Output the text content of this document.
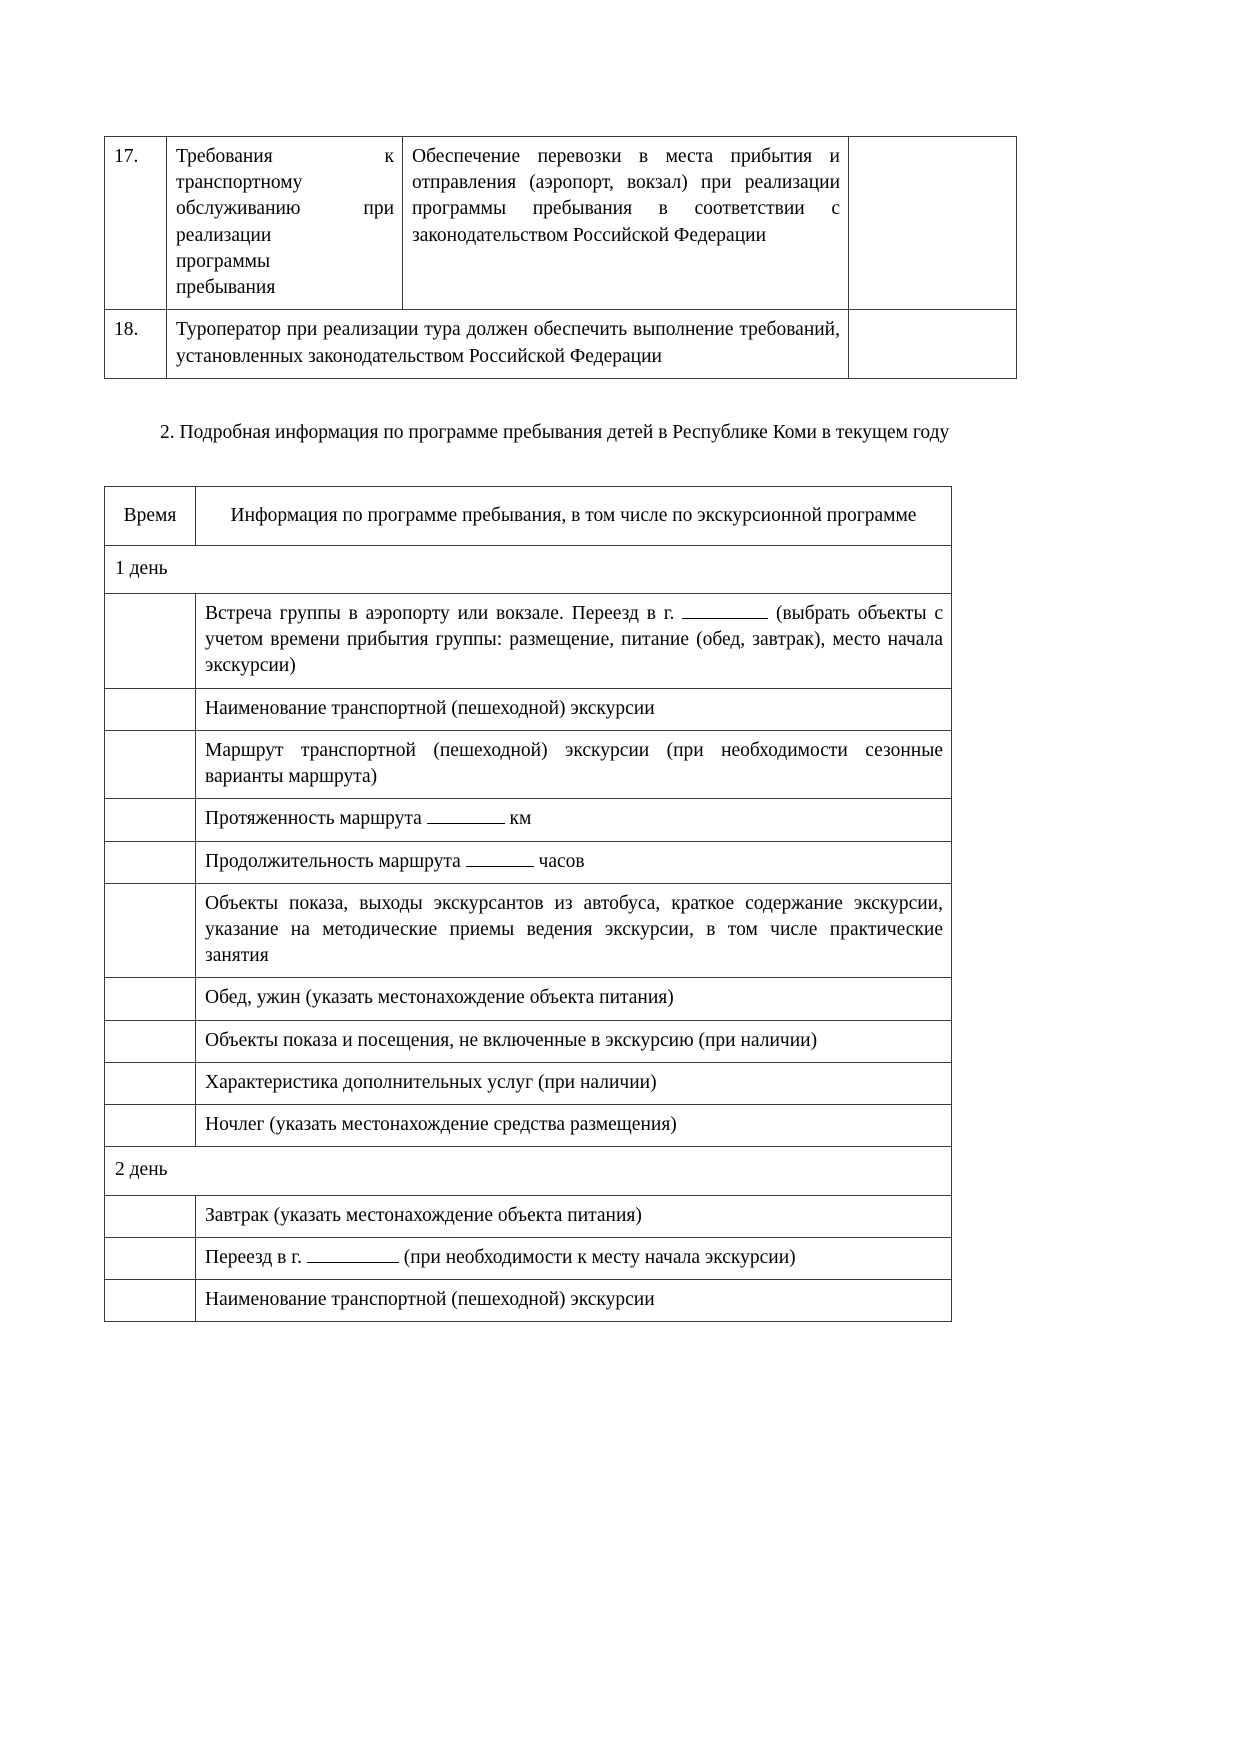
17.	Требования к
транспортному
обслуживанию при
реализации
программы
пребывания
	Обеспечение перевозки в места прибытия и отправления (аэропорт, вокзал) при реализации программы пребывания в соответствии с законодательством Российской Федерации	
18.	Туроператор при реализации тура должен обеспечить выполнение требований, установленных законодательством Российской Федерации		

2. Подробная информация по программе пребывания детей в Республике Коми в текущем году

Время	Информация по программе пребывания, в том числе по экскурсионной программе
1 день	
	Встреча группы в аэропорту или вокзале. Переезд в г. (выбрать объекты с учетом времени прибытия группы: размещение, питание (обед, завтрак), место начала экскурсии)
	Наименование транспортной (пешеходной) экскурсии
	Маршрут транспортной (пешеходной) экскурсии (при необходимости сезонные варианты маршрута)
	Протяженность маршрута км
	Продолжительность маршрута часов
	Объекты показа, выходы экскурсантов из автобуса, краткое содержание экскурсии, указание на методические приемы ведения экскурсии, в том числе практические занятия
	Обед, ужин (указать местонахождение объекта питания)
	Объекты показа и посещения, не включенные в экскурсию (при наличии)
	Характеристика дополнительных услуг (при наличии)
	Ночлег (указать местонахождение средства размещения)
2 день	
	Завтрак (указать местонахождение объекта питания)
	Переезд в г. (при необходимости к месту начала экскурсии)
	Наименование транспортной (пешеходной) экскурсии
